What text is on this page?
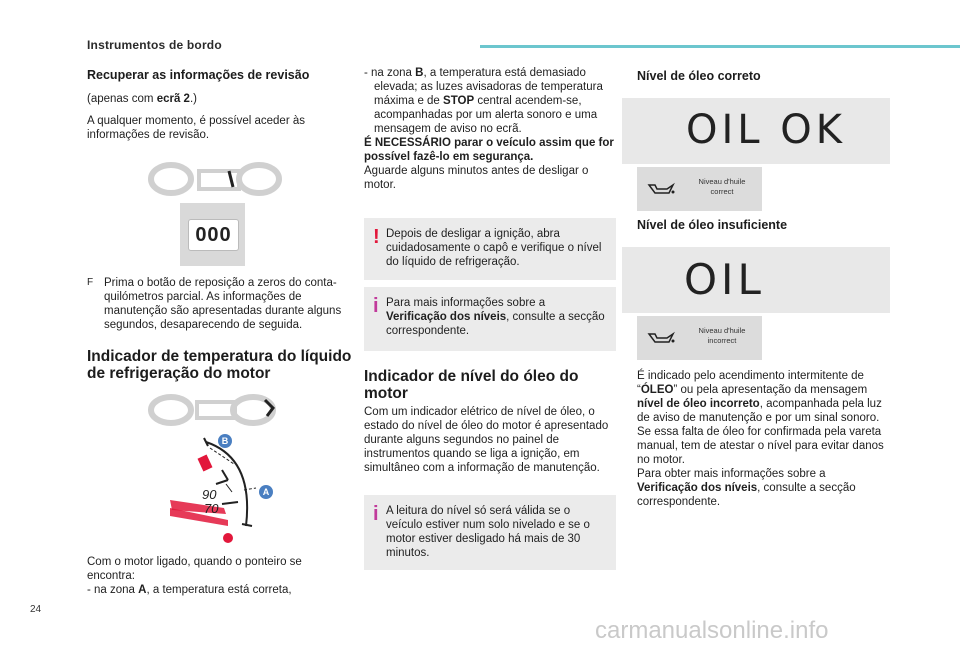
Instrumentos de bordo
Recuperar as informações de revisão

(apenas com ecrã 2.)

A qualquer momento, é possível aceder às informações de revisão.

000
F Prima o botão de reposição a zeros do conta-quilómetros parcial. As informações de manutenção são apresentadas durante alguns segundos, desaparecendo de seguida.
Indicador de temperatura do líquido de refrigeração do motor
90
70
B
A

Com o motor ligado, quando o ponteiro se encontra:

- na zona A, a temperatura está correta,

- na zona B, a temperatura está demasiado elevada; as luzes avisadoras de temperatura máxima e de STOP central acendem-se, acompanhadas por um alerta sonoro e uma mensagem de aviso no ecrã.

É NECESSÁRIO parar o veículo assim que for possível fazê-lo em segurança.

Aguarde alguns minutos antes de desligar o motor.

! Depois de desligar a ignição, abra cuidadosamente o capô e verifique o nível do líquido de refrigeração.
i Para mais informações sobre a Verificação dos níveis, consulte a secção correspondente.
Indicador de nível do óleo do motor

Com um indicador elétrico de nível de óleo, o estado do nível de óleo do motor é apresentado durante alguns segundos no painel de instrumentos quando se liga a ignição, em simultâneo com a informação de manutenção.

i A leitura do nível só será válida se o veículo estiver num solo nivelado e se o motor estiver desligado há mais de 30 minutos.
Nível de óleo correto
OIL OK
Niveau d'huile correct
Nível de óleo insuficiente
OIL
Niveau d'huile incorrect

É indicado pelo acendimento intermitente de “ÓLEO” ou pela apresentação da mensagem nível de óleo incorreto, acompanhada pela luz de aviso de manutenção e por um sinal sonoro.

Se essa falta de óleo for confirmada pela vareta manual, tem de atestar o nível para evitar danos no motor.

Para obter mais informações sobre a Verificação dos níveis, consulte a secção correspondente.

24
carmanualsonline.info
